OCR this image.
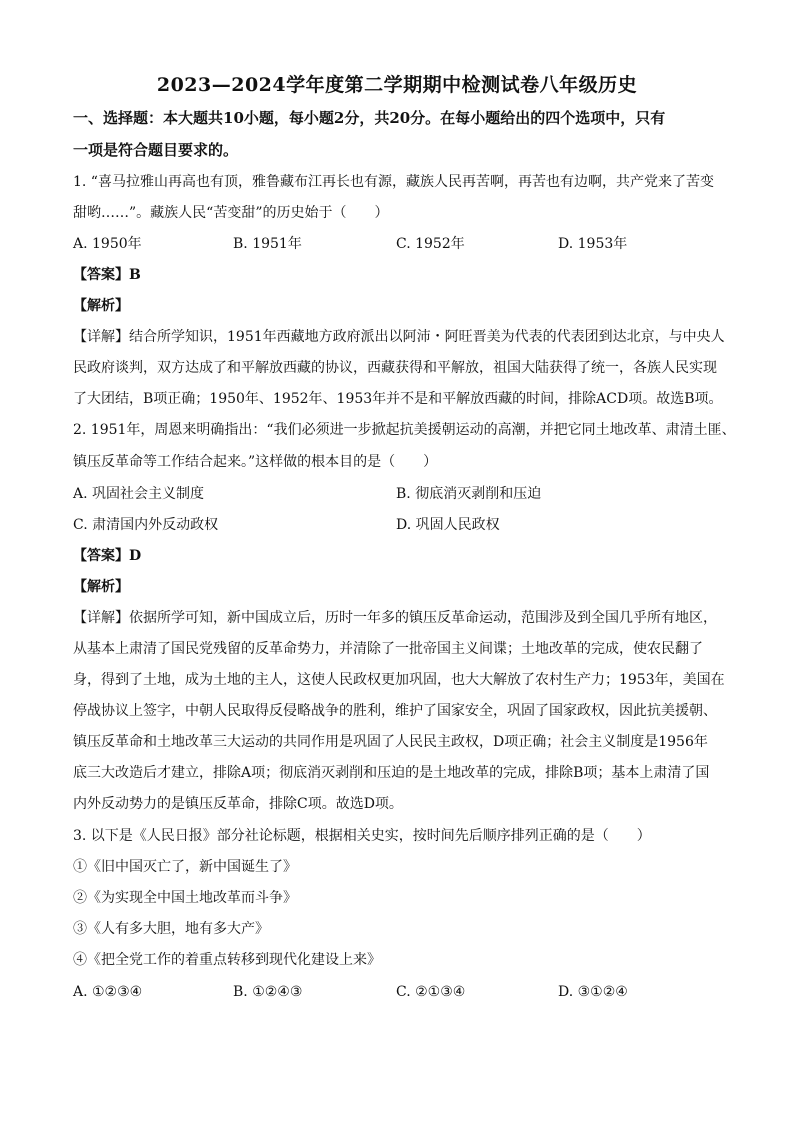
2023—2024学年度第二学期期中检测试卷八年级历史
一、选择题：本大题共10小题，每小题2分，共20分。在每小题给出的四个选项中，只有
一项是符合题目要求的。
1. “喜马拉雅山再高也有顶，雅鲁藏布江再长也有源，藏族人民再苦啊，再苦也有边啊，共产党来了苦变
甜哟……”。藏族人民“苦变甜”的历史始于（　　）
A. 1950年	B. 1951年	C. 1952年	D. 1953年
【答案】B
【解析】
【详解】结合所学知识，1951年西藏地方政府派出以阿沛・阿旺晋美为代表的代表团到达北京，与中央人
民政府谈判，双方达成了和平解放西藏的协议，西藏获得和平解放，祖国大陆获得了统一，各族人民实现
了大团结，B项正确；1950年、1952年、1953年并不是和平解放西藏的时间，排除ACD项。故选B项。
2. 1951年，周恩来明确指出：“我们必须进一步掀起抗美援朝运动的高潮，并把它同土地改革、肃清土匪、
镇压反革命等工作结合起来。”这样做的根本目的是（　　）
A. 巩固社会主义制度	B. 彻底消灭剥削和压迫
C. 肃清国内外反动政权	D. 巩固人民政权
【答案】D
【解析】
【详解】依据所学可知，新中国成立后，历时一年多的镇压反革命运动，范围涉及到全国几乎所有地区，
从基本上肃清了国民党残留的反革命势力，并清除了一批帝国主义间谍；土地改革的完成，使农民翻了
身，得到了土地，成为土地的主人，这使人民政权更加巩固，也大大解放了农村生产力；1953年，美国在
停战协议上签字，中朝人民取得反侵略战争的胜利，维护了国家安全，巩固了国家政权，因此抗美援朝、
镇压反革命和土地改革三大运动的共同作用是巩固了人民民主政权，D项正确；社会主义制度是1956年
底三大改造后才建立，排除A项；彻底消灭剥削和压迫的是土地改革的完成，排除B项；基本上肃清了国
内外反动势力的是镇压反革命，排除C项。故选D项。
3. 以下是《人民日报》部分社论标题，根据相关史实，按时间先后顺序排列正确的是（　　）
①《旧中国灭亡了，新中国诞生了》
②《为实现全中国土地改革而斗争》
③《人有多大胆，地有多大产》
④《把全党工作的着重点转移到现代化建设上来》
A. ①②③④	B. ①②④③	C. ②①③④	D. ③①②④
